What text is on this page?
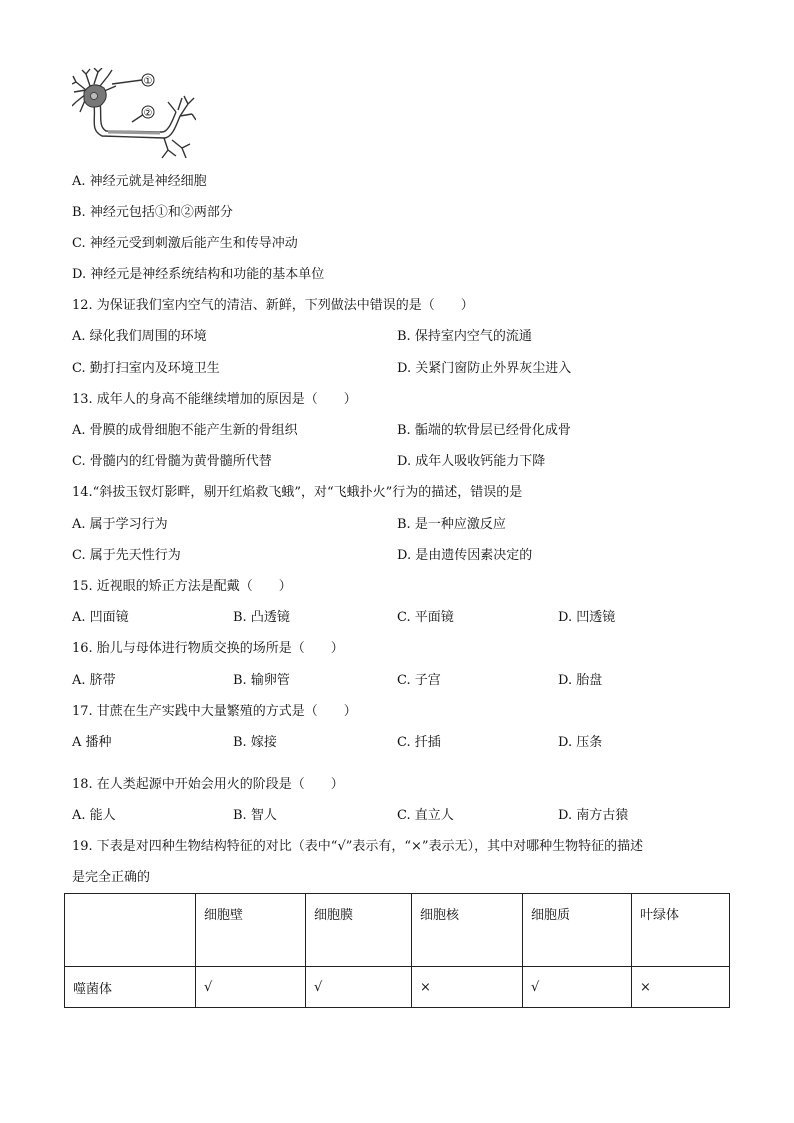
①
②
A. 神经元就是神经细胞
B. 神经元包括①和②两部分
C. 神经元受到刺激后能产生和传导冲动
D. 神经元是神经系统结构和功能的基本单位
12. 为保证我们室内空气的清洁、新鲜，下列做法中错误的是（　　）
A. 绿化我们周围的环境	B. 保持室内空气的流通
C. 勤打扫室内及环境卫生	D. 关紧门窗防止外界灰尘进入
13. 成年人的身高不能继续增加的原因是（　　）
A. 骨膜的成骨细胞不能产生新的骨组织	B. 骺端的软骨层已经骨化成骨
C. 骨髓内的红骨髓为黄骨髓所代替	D. 成年人吸收钙能力下降
14.“斜拔玉钗灯影畔，剔开红焰救飞蛾”，对“飞蛾扑火”行为的描述，错误的是
A. 属于学习行为	B. 是一种应激反应
C. 属于先天性行为	D. 是由遗传因素决定的
15. 近视眼的矫正方法是配戴（　　）
A. 凹面镜	B. 凸透镜	C. 平面镜	D. 凹透镜
16. 胎儿与母体进行物质交换的场所是（　　）
A. 脐带	B. 输卵管	C. 子宫	D. 胎盘
17. 甘蔗在生产实践中大量繁殖的方式是（　　）
A 播种	B. 嫁接	C. 扦插	D. 压条
18. 在人类起源中开始会用火的阶段是（　　）
A. 能人	B. 智人	C. 直立人	D. 南方古猿
19. 下表是对四种生物结构特征的对比（表中“√”表示有，“×”表示无），其中对哪种生物特征的描述
是完全正确的
	细胞壁	细胞膜	细胞核	细胞质	叶绿体
噬菌体	√	√	×	√	×
